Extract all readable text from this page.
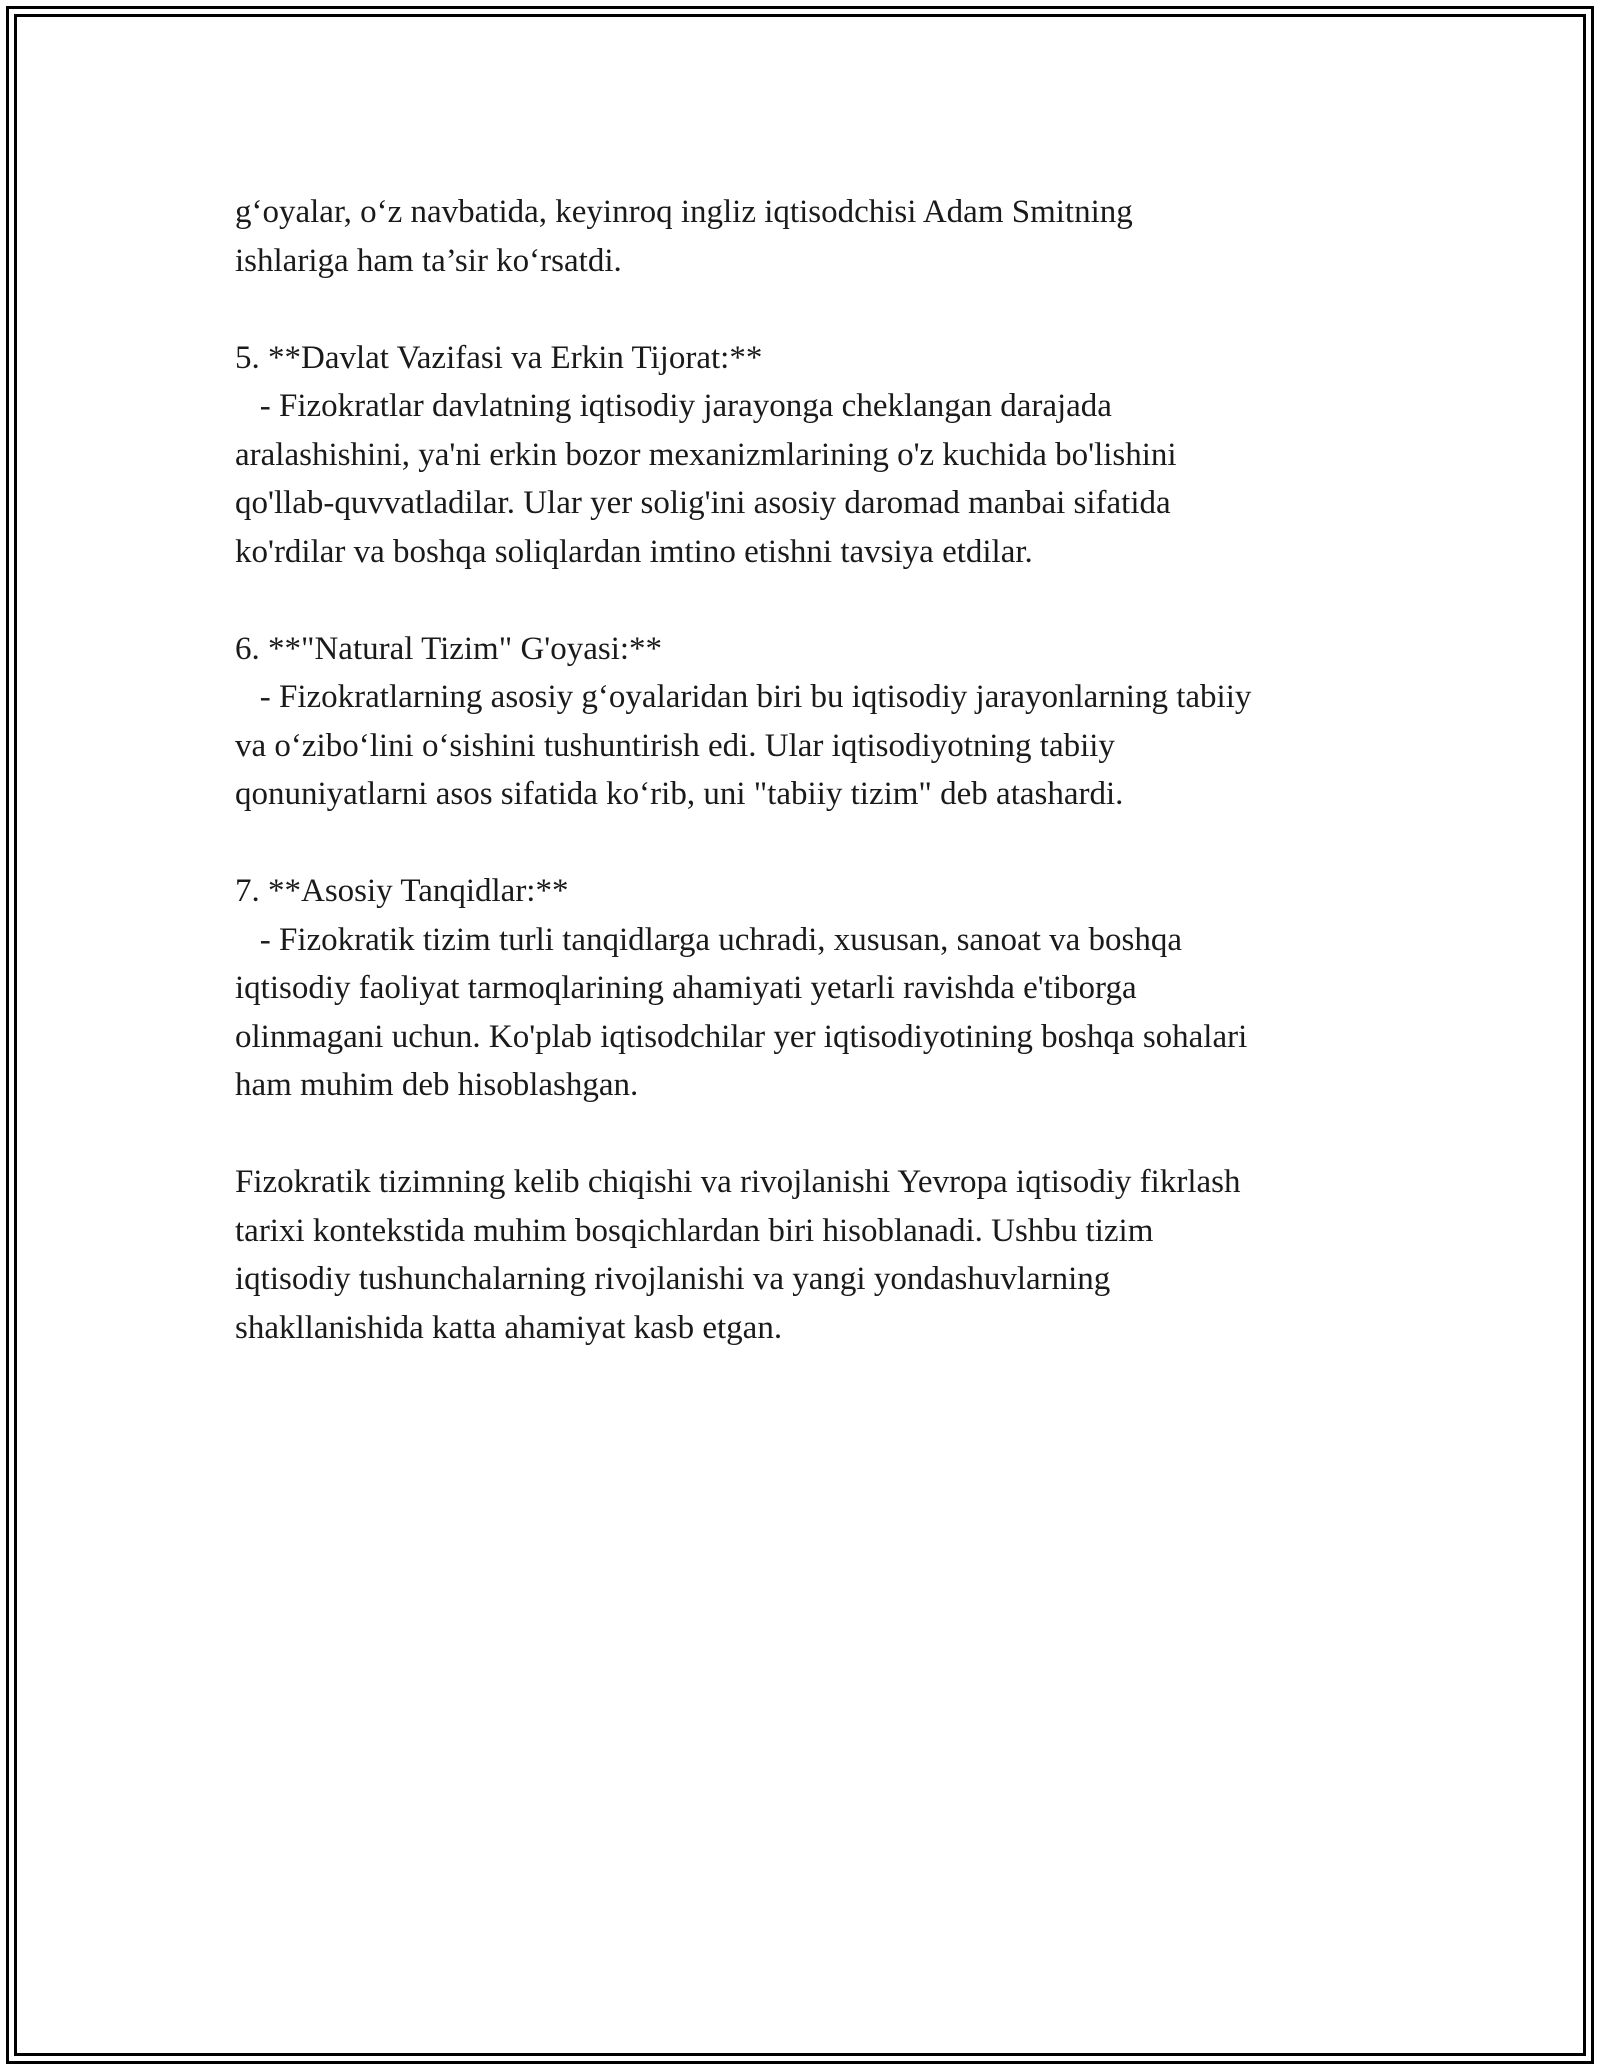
g‘oyalar, o‘z navbatida, keyinroq ingliz iqtisodchisi Adam Smitning

ishlariga ham ta’sir ko‘rsatdi.

5. **Davlat Vazifasi va Erkin Tijorat:**

- Fizokratlar davlatning iqtisodiy jarayonga cheklangan darajada

aralashishini, ya'ni erkin bozor mexanizmlarining o'z kuchida bo'lishini

qo'llab-quvvatladilar. Ular yer solig'ini asosiy daromad manbai sifatida

ko'rdilar va boshqa soliqlardan imtino etishni tavsiya etdilar.

6. **"Natural Tizim" G'oyasi:**

- Fizokratlarning asosiy g‘oyalaridan biri bu iqtisodiy jarayonlarning tabiiy

va o‘zibo‘lini o‘sishini tushuntirish edi. Ular iqtisodiyotning tabiiy

qonuniyatlarni asos sifatida ko‘rib, uni "tabiiy tizim" deb atashardi.

7. **Asosiy Tanqidlar:**

- Fizokratik tizim turli tanqidlarga uchradi, xususan, sanoat va boshqa

iqtisodiy faoliyat tarmoqlarining ahamiyati yetarli ravishda e'tiborga

olinmagani uchun. Ko'plab iqtisodchilar yer iqtisodiyotining boshqa sohalari

ham muhim deb hisoblashgan.

Fizokratik tizimning kelib chiqishi va rivojlanishi Yevropa iqtisodiy fikrlash

tarixi kontekstida muhim bosqichlardan biri hisoblanadi. Ushbu tizim

iqtisodiy tushunchalarning rivojlanishi va yangi yondashuvlarning

shakllanishida katta ahamiyat kasb etgan.
